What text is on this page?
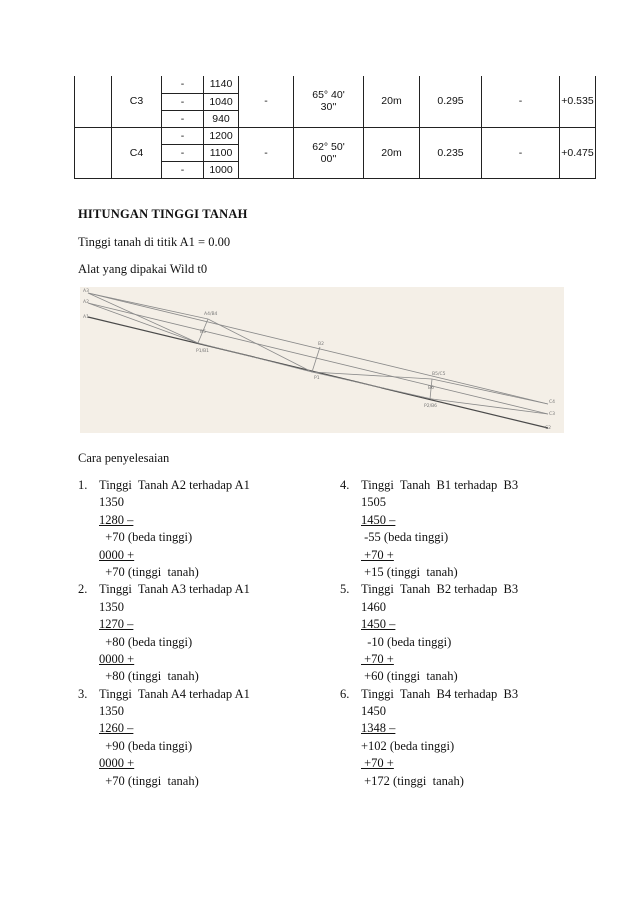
	C3	-	1140	-	65° 40'
30''	20m	0.295	-	+0.535	
		-	1040							
		-	940							
	C4	-	1200	-	62° 50'
00''	20m	0.235	-	+0.475	
		-	1100							
		-	1000							
HITUNGAN TINGGI TANAH
Tinggi tanah di titik A1 = 0.00
Alat yang dipakai Wild t0
A3
A2
A1
A4/B4
B5
P1/B1
P1
B2
B5/C5
B6
P2/B6
C4
C3
C2
Cara penyelesaian
1. Tinggi  Tanah A2 terhadap A1
1350
1280 –
+70 (beda tinggi)
0000 +
+70 (tinggi  tanah)
2. Tinggi  Tanah A3 terhadap A1
1350
1270 –
+80 (beda tinggi)
0000 +
+80 (tinggi  tanah)
3. Tinggi  Tanah A4 terhadap A1
1350
1260 –
+90 (beda tinggi)
0000 +
+70 (tinggi  tanah)
4. Tinggi  Tanah  B1 terhadap  B3
1505
1450 –
-55 (beda tinggi)
+70 +
+15 (tinggi  tanah)
5. Tinggi  Tanah  B2 terhadap  B3
1460
1450 –
-10 (beda tinggi)
+70 +
+60 (tinggi  tanah)
6. Tinggi  Tanah  B4 terhadap  B3
1450
1348 –
+102 (beda tinggi)
+70 +
+172 (tinggi  tanah)
